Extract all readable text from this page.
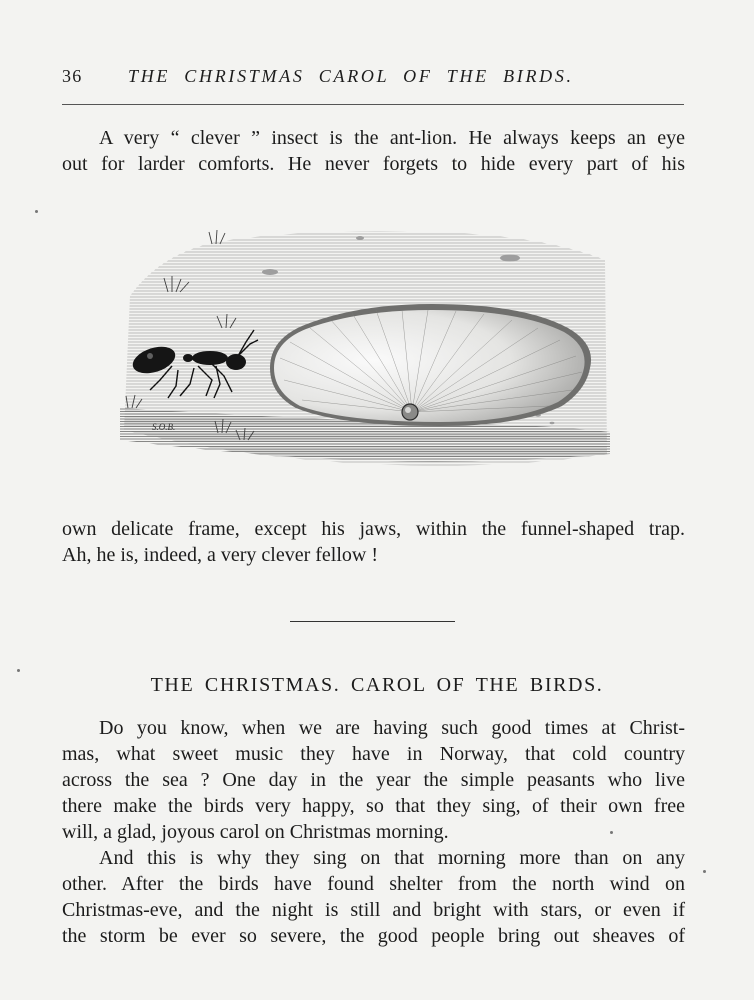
36	THE CHRISTMAS CAROL OF THE BIRDS.
A very “ clever ” insect is the ant-lion. He always keeps an eye
out for larder comforts. He never forgets to hide every part of his
S.O.B.
own delicate frame, except his jaws, within the funnel-shaped trap.
Ah, he is, indeed, a very clever fellow !
THE CHRISTMAS. CAROL OF THE BIRDS.
Do you know, when we are having such good times at Christ-
mas, what sweet music they have in Norway, that cold country
across the sea ? One day in the year the simple peasants who live
there make the birds very happy, so that they sing, of their own free
will, a glad, joyous carol on Christmas morning.
And this is why they sing on that morning more than on any
other. After the birds have found shelter from the north wind on
Christmas-eve, and the night is still and bright with stars, or even if
the storm be ever so severe, the good people bring out sheaves of
